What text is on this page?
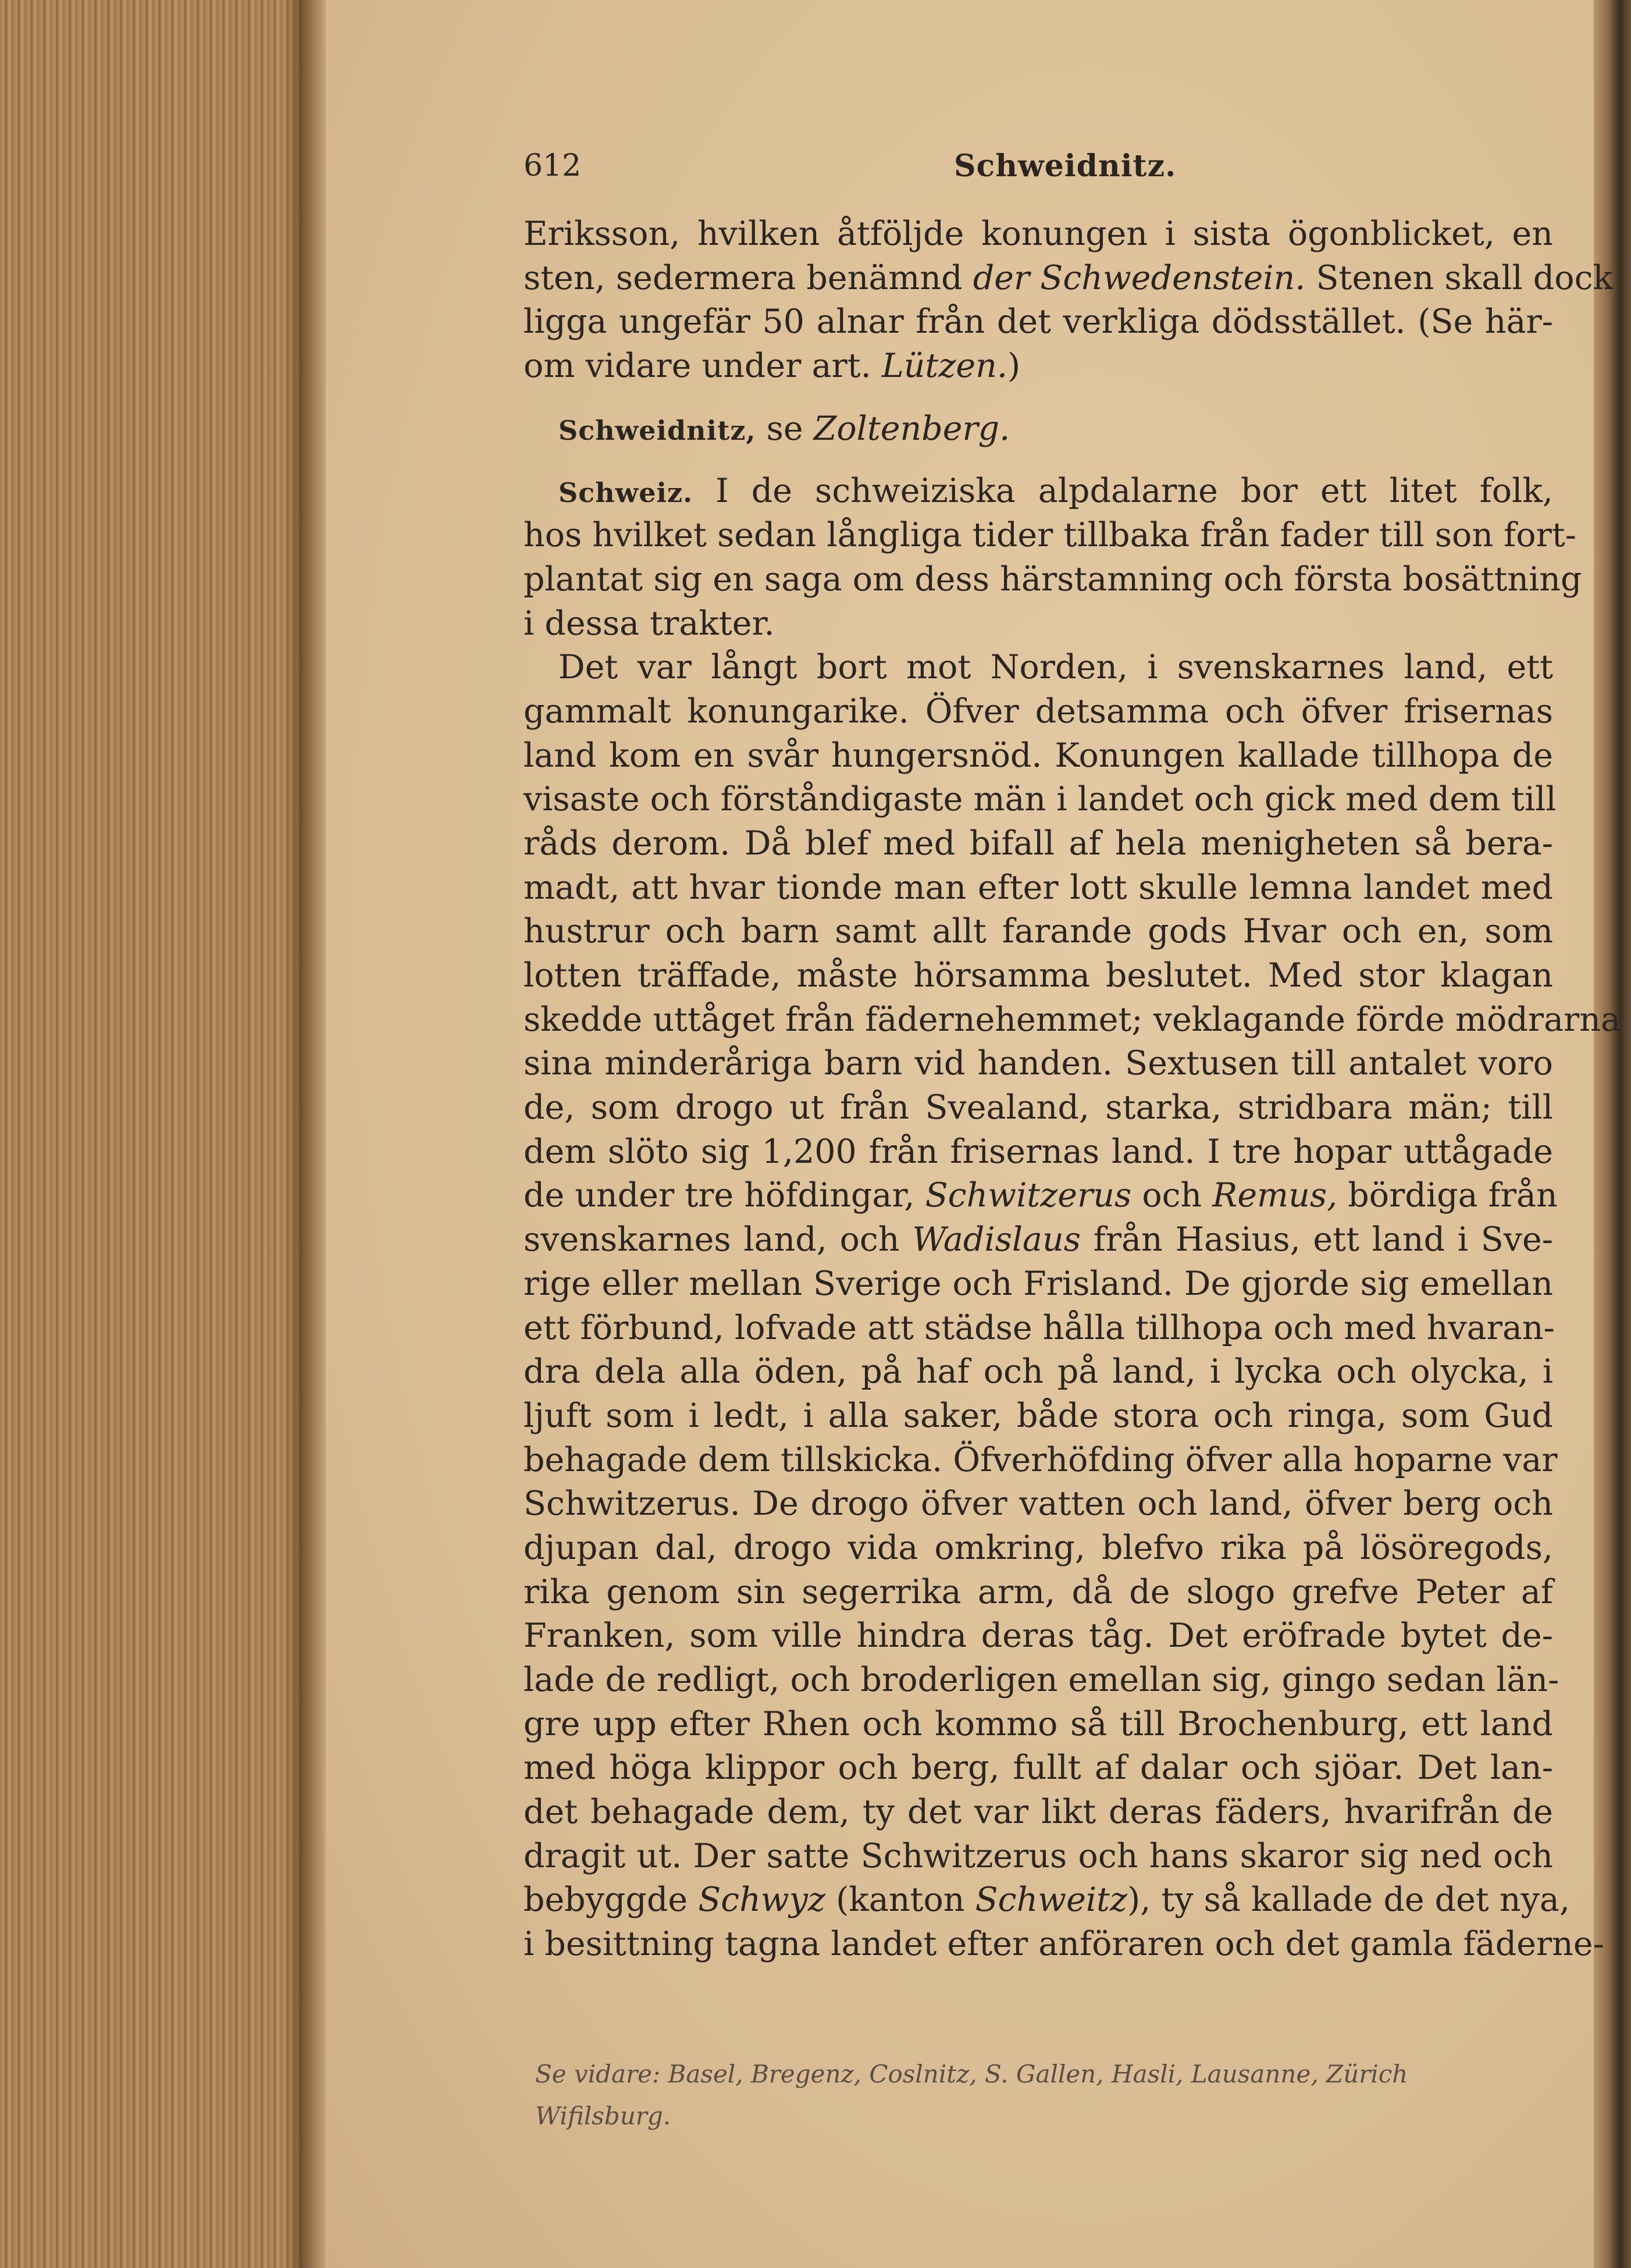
612	Schweidnitz.
Eriksson, hvilken åtföljde konungen i sista ögonblicket, en
sten, sedermera benämnd der Schwedenstein. Stenen skall dock
ligga ungefär 50 alnar från det verkliga dödsstället. (Se här-
om vidare under art. Lützen.)
Schweidnitz, se Zoltenberg.
Schweiz. I de schweiziska alpdalarne bor ett litet folk,
hos hvilket sedan långliga tider tillbaka från fader till son fort-
plantat sig en saga om dess härstamning och första bosättning
i dessa trakter.
Det var långt bort mot Norden, i svenskarnes land, ett
gammalt konungarike. Öfver detsamma och öfver frisernas
land kom en svår hungersnöd. Konungen kallade tillhopa de
visaste och förståndigaste män i landet och gick med dem till
råds derom. Då blef med bifall af hela menigheten så bera-
madt, att hvar tionde man efter lott skulle lemna landet med
hustrur och barn samt allt farande gods Hvar och en, som
lotten träffade, måste hörsamma beslutet. Med stor klagan
skedde uttåget från fädernehemmet; veklagande förde mödrarna
sina minderåriga barn vid handen. Sextusen till antalet voro
de, som drogo ut från Svealand, starka, stridbara män; till
dem slöto sig 1,200 från frisernas land. I tre hopar uttågade
de under tre höfdingar, Schwitzerus och Remus, bördiga från
svenskarnes land, och Wadislaus från Hasius, ett land i Sve-
rige eller mellan Sverige och Frisland. De gjorde sig emellan
ett förbund, lofvade att städse hålla tillhopa och med hvaran-
dra dela alla öden, på haf och på land, i lycka och olycka, i
ljuft som i ledt, i alla saker, både stora och ringa, som Gud
behagade dem tillskicka. Öfverhöfding öfver alla hoparne var
Schwitzerus. De drogo öfver vatten och land, öfver berg och
djupan dal, drogo vida omkring, blefvo rika på lösöregods,
rika genom sin segerrika arm, då de slogo grefve Peter af
Franken, som ville hindra deras tåg. Det eröfrade bytet de-
lade de redligt, och broderligen emellan sig, gingo sedan län-
gre upp efter Rhen och kommo så till Brochenburg, ett land
med höga klippor och berg, fullt af dalar och sjöar. Det lan-
det behagade dem, ty det var likt deras fäders, hvarifrån de
dragit ut. Der satte Schwitzerus och hans skaror sig ned och
bebyggde Schwyz (kanton Schweitz), ty så kallade de det nya,
i besittning tagna landet efter anföraren och det gamla fäderne-
Se vidare: Basel, Bregenz, Coslnitz, S. Gallen, Hasli, Lausanne, Zürich
Wifilsburg.
